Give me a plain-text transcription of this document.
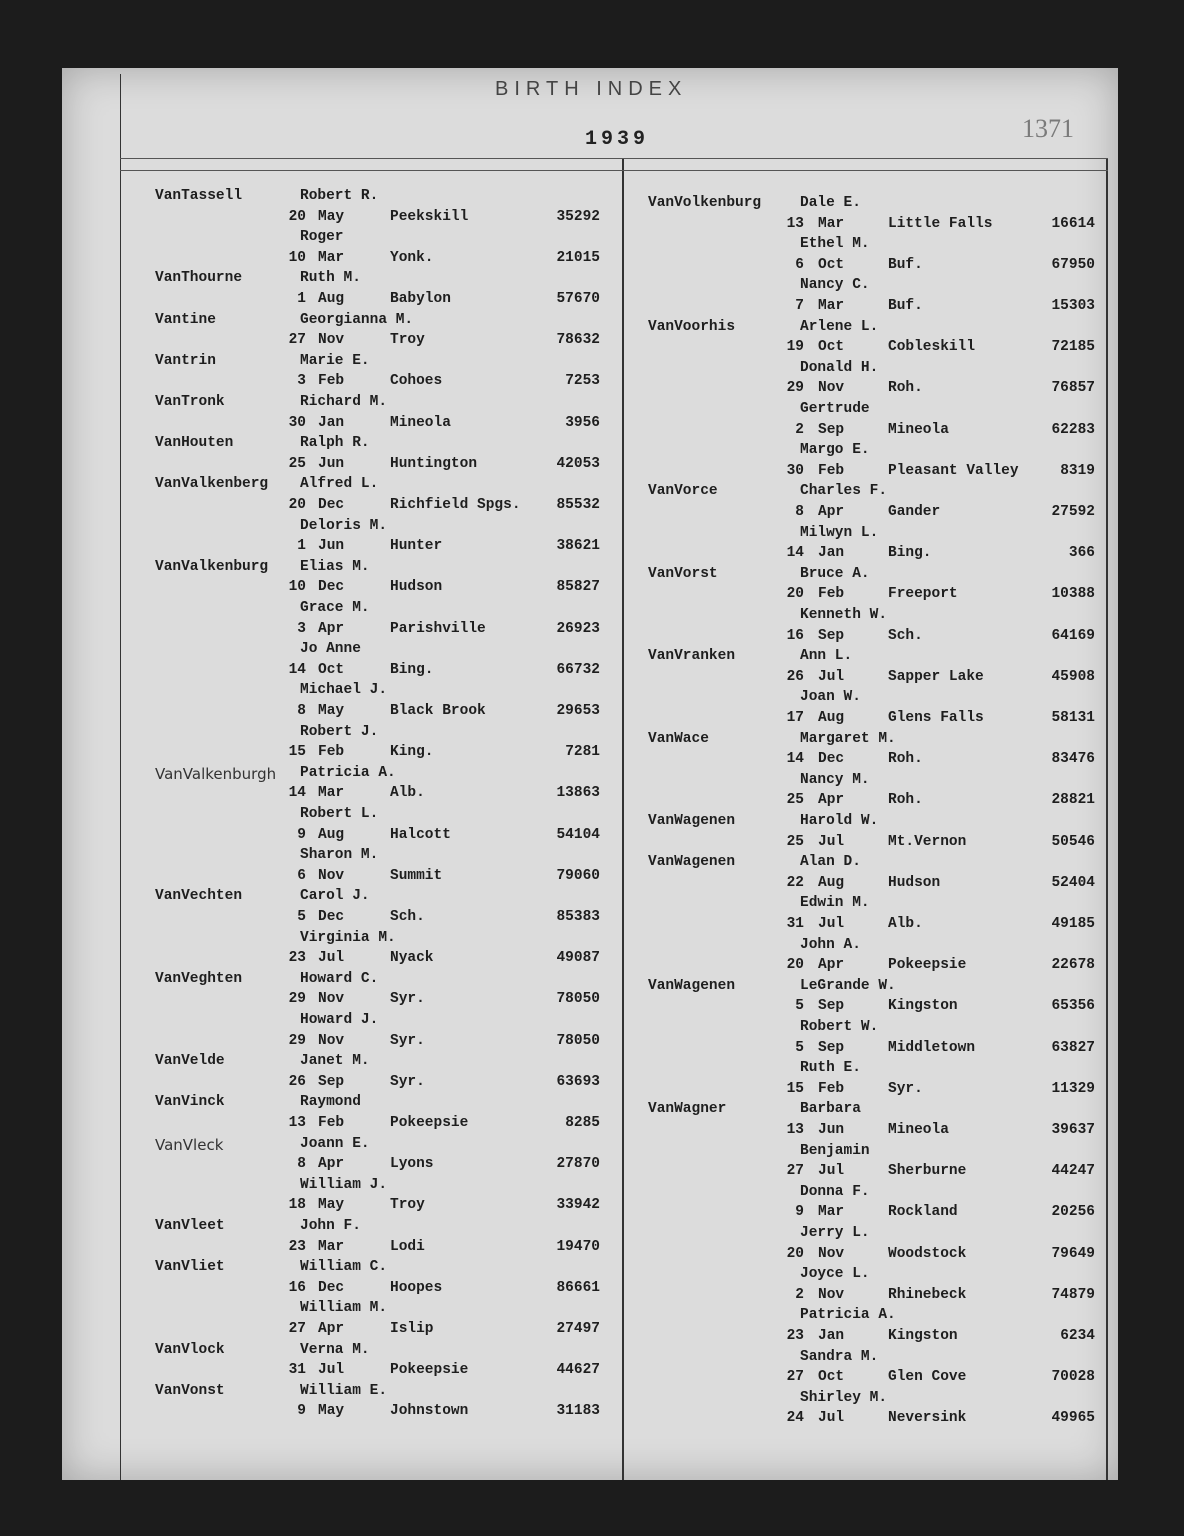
BIRTH INDEX
1939	1371
VanTassell	Robert R.
20 May	Peekskill	35292
Roger
10 Mar	Yonk.	21015
VanThourne	Ruth M.
1 Aug	Babylon	57670
Vantine	Georgianna M.
27 Nov	Troy	78632
Vantrin	Marie E.
3 Feb	Cohoes	7253
VanTronk	Richard M.
30 Jan	Mineola	3956
VanHouten	Ralph R.
25 Jun	Huntington	42053
VanValkenberg Alfred L.
20 Dec	Richfield Spgs.	85532
Deloris M.
1 Jun	Hunter	38621
VanValkenburg Elias M.
10 Dec	Hudson	85827
Grace M.
3 Apr	Parishville	26923
Jo Anne
14 Oct	Bing.	66732
Michael J.
8 May	Black Brook	29653
Robert J.
15 Feb	King.	7281
VanValkenburgh Patricia A.
14 Mar	Alb.	13863
Robert L.
9 Aug	Halcott	54104
Sharon M.
6 Nov	Summit	79060
VanVechten	Carol J.
5 Dec	Sch.	85383
Virginia M.
23 Jul	Nyack	49087
VanVeghten	Howard C.
29 Nov	Syr.	78050
Howard J.
29 Nov	Syr.	78050
VanVelde	Janet M.
26 Sep	Syr.	63693
VanVinck	Raymond
13 Feb	Pokeepsie	8285
VanVleck	Joann E.
8 Apr	Lyons	27870
William J.
18 May	Troy	33942
VanVleet	John F.
23 Mar	Lodi	19470
VanVliet	William C.
16 Dec	Hoopes	86661
William M.
27 Apr	Islip	27497
VanVlock	Verna M.
31 Jul	Pokeepsie	44627
VanVonst	William E.
9 May	Johnstown	31183
VanVolkenburg	Dale E.
13 Mar	Little Falls	16614
Ethel M.
6 Oct	Buf.	67950
Nancy C.
7 Mar	Buf.	15303
VanVoorhis	Arlene L.
19 Oct	Cobleskill	72185
Donald H.
29 Nov	Roh.	76857
Gertrude
2 Sep	Mineola	62283
Margo E.
30 Feb	Pleasant Valley	8319
VanVorce	Charles F.
8 Apr	Gander	27592
Milwyn L.
14 Jan	Bing.	366
VanVorst	Bruce A.
20 Feb	Freeport	10388
Kenneth W.
16 Sep	Sch.	64169
VanVranken	Ann L.
26 Jul	Sapper Lake	45908
Joan W.
17 Aug	Glens Falls	58131
VanWace	Margaret M.
14 Dec	Roh.	83476
Nancy M.
25 Apr	Roh.	28821
VanWagenen	Harold W.
25 Jul	Mt.Vernon	50546
VanWagenen	Alan D.
22 Aug	Hudson	52404
Edwin M.
31 Jul	Alb.	49185
John A.
20 Apr	Pokeepsie	22678
VanWagenen	LeGrande W.
5 Sep	Kingston	65356
Robert W.
5 Sep	Middletown	63827
Ruth E.
15 Feb	Syr.	11329
VanWagner	Barbara
13 Jun	Mineola	39637
Benjamin
27 Jul	Sherburne	44247
Donna F.
9 Mar	Rockland	20256
Jerry L.
20 Nov	Woodstock	79649
Joyce L.
2 Nov	Rhinebeck	74879
Patricia A.
23 Jan	Kingston	6234
Sandra M.
27 Oct	Glen Cove	70028
Shirley M.
24 Jul	Neversink	49965
